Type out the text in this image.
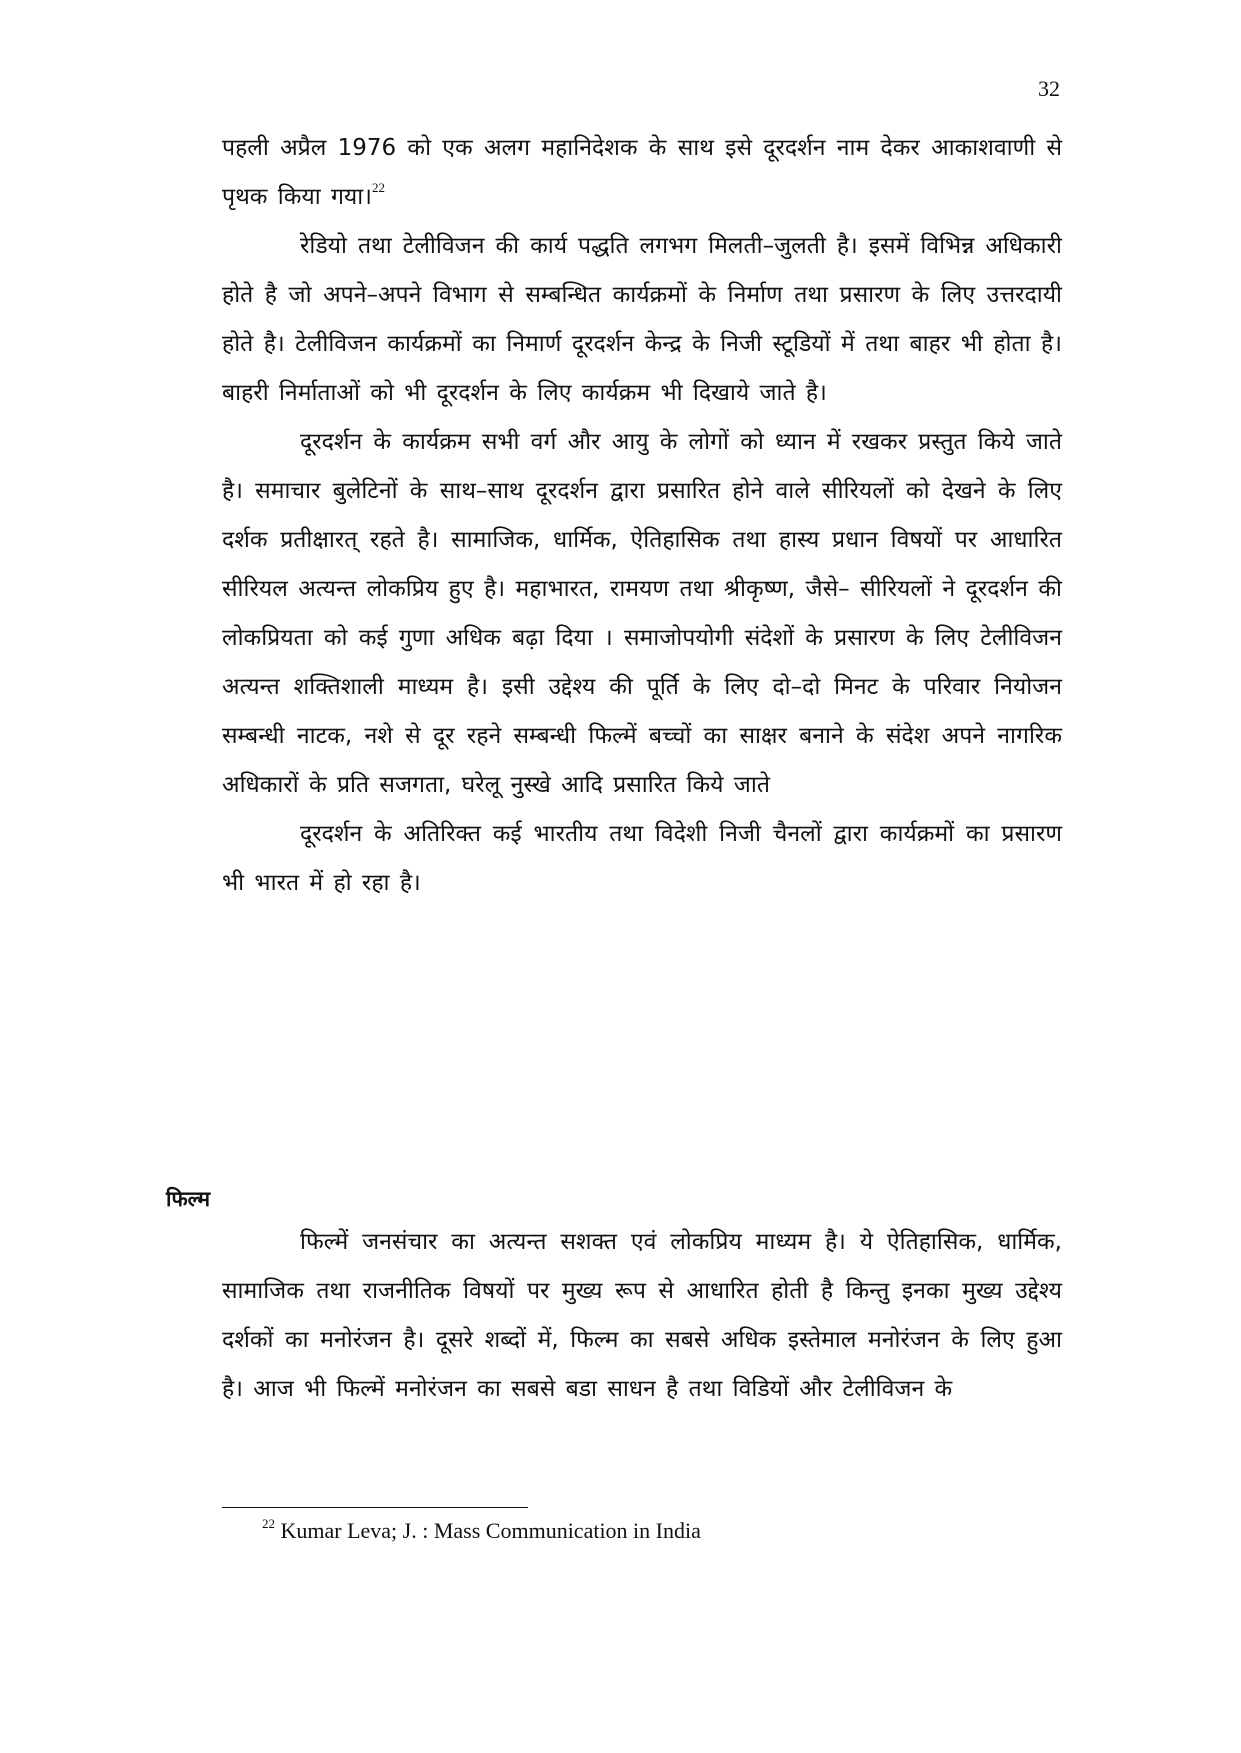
32

पहली अप्रैल 1976 को एक अलग महानिदेशक के साथ इसे दूरदर्शन नाम देकर आकाशवाणी से पृथक किया गया।$^{22}$

रेडियो तथा टेलीविजन की कार्य पद्धति लगभग मिलती–जुलती है। इसमें विभिन्न अधिकारी होते है जो अपने–अपने विभाग से सम्बन्धित कार्यक्रमों के निर्माण तथा प्रसारण के लिए उत्तरदायी होते है। टेलीविजन कार्यक्रमों का निमार्ण दूरदर्शन केन्द्र के निजी स्टूडियों में तथा बाहर भी होता है। बाहरी निर्माताओं को भी दूरदर्शन के लिए कार्यक्रम भी दिखाये जाते है।

दूरदर्शन के कार्यक्रम सभी वर्ग और आयु के लोगों को ध्यान में रखकर प्रस्तुत किये जाते है। समाचार बुलेटिनों के साथ–साथ दूरदर्शन द्वारा प्रसारित होने वाले सीरियलों को देखने के लिए दर्शक प्रतीक्षारत् रहते है। सामाजिक, धार्मिक, ऐतिहासिक तथा हास्य प्रधान विषयों पर आधारित सीरियल अत्यन्त लोकप्रिय हुए है। महाभारत, रामयण तथा श्रीकृष्ण, जैसे– सीरियलों ने दूरदर्शन की लोकप्रियता को कई गुणा अधिक बढ़ा दिया । समाजोपयोगी संदेशों के प्रसारण के लिए टेलीविजन अत्यन्त शक्तिशाली माध्यम है। इसी उद्देश्य की पूर्ति के लिए दो–दो मिनट के परिवार नियोजन सम्बन्धी नाटक, नशे से दूर रहने सम्बन्धी फिल्में बच्चों का साक्षर बनाने के संदेश अपने नागरिक अधिकारों के प्रति सजगता, घरेलू नुस्खे आदि प्रसारित किये जाते

दूरदर्शन के अतिरिक्त कई भारतीय तथा विदेशी निजी चैनलों द्वारा कार्यक्रमों का प्रसारण भी भारत में हो रहा है।

फिल्म

फिल्में जनसंचार का अत्यन्त सशक्त एवं लोकप्रिय माध्यम है। ये ऐतिहासिक, धार्मिक, सामाजिक तथा राजनीतिक विषयों पर मुख्य रूप से आधारित होती है किन्तु इनका मुख्य उद्देश्य दर्शकों का मनोरंजन है। दूसरे शब्दों में, फिल्म का सबसे अधिक इस्तेमाल मनोरंजन के लिए हुआ है। आज भी फिल्में मनोरंजन का सबसे बडा साधन है तथा विडियों और टेलीविजन के

$^{22}$ Kumar Leva; J. : Mass Communication in India
